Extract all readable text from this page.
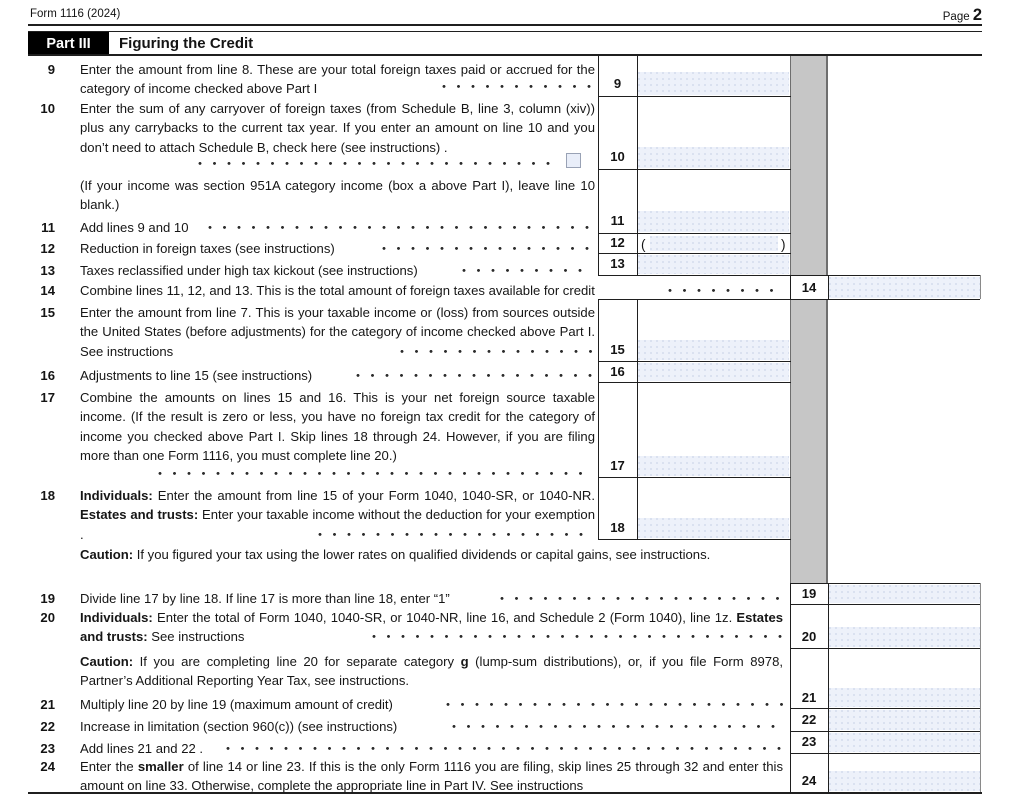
Form 1116 (2024)	Page 2
Part III	Figuring the Credit
(	)
9
10
11
12
13
15
16
17
18
14
19
20
21
22
23
24
9 Enter the amount from line 8. These are your total foreign taxes paid or accrued for the category of income checked above Part I
10 Enter the sum of any carryover of foreign taxes (from Schedule B, line 3, column (xiv)) plus any carrybacks to the current tax year. If you enter an amount on line 10 and you don’t need to attach Schedule B, check here (see instructions) .
(If your income was section 951A category income (box a above Part I), leave line 10 blank.)
11 Add lines 9 and 10
12 Reduction in foreign taxes (see instructions)
13 Taxes reclassified under high tax kickout (see instructions)
14 Combine lines 11, 12, and 13. This is the total amount of foreign taxes available for credit
15 Enter the amount from line 7. This is your taxable income or (loss) from sources outside the United States (before adjustments) for the category of income checked above Part I. See instructions
16 Adjustments to line 15 (see instructions)
17 Combine the amounts on lines 15 and 16. This is your net foreign source taxable income. (If the result is zero or less, you have no foreign tax credit for the category of income you checked above Part I. Skip lines 18 through 24. However, if you are filing more than one Form 1116, you must complete line 20.)
18 Individuals: Enter the amount from line 15 of your Form 1040, 1040-SR, or 1040-NR. Estates and trusts: Enter your taxable income without the deduction for your exemption .
Caution: If you figured your tax using the lower rates on qualified dividends or capital gains, see instructions.
19 Divide line 17 by line 18. If line 17 is more than line 18, enter “1”
20 Individuals: Enter the total of Form 1040, 1040-SR, or 1040-NR, line 16, and Schedule 2 (Form 1040), line 1z. Estates and trusts: See instructions
Caution: If you are completing line 20 for separate category g (lump-sum distributions), or, if you file Form 8978, Partner’s Additional Reporting Year Tax, see instructions.
21 Multiply line 20 by line 19 (maximum amount of credit)
22 Increase in limitation (section 960(c)) (see instructions)
23 Add lines 21 and 22 .
24 Enter the smaller of line 14 or line 23. If this is the only Form 1116 you are filing, skip lines 25 through 32 and enter this amount on line 33. Otherwise, complete the appropriate line in Part IV. See instructions
